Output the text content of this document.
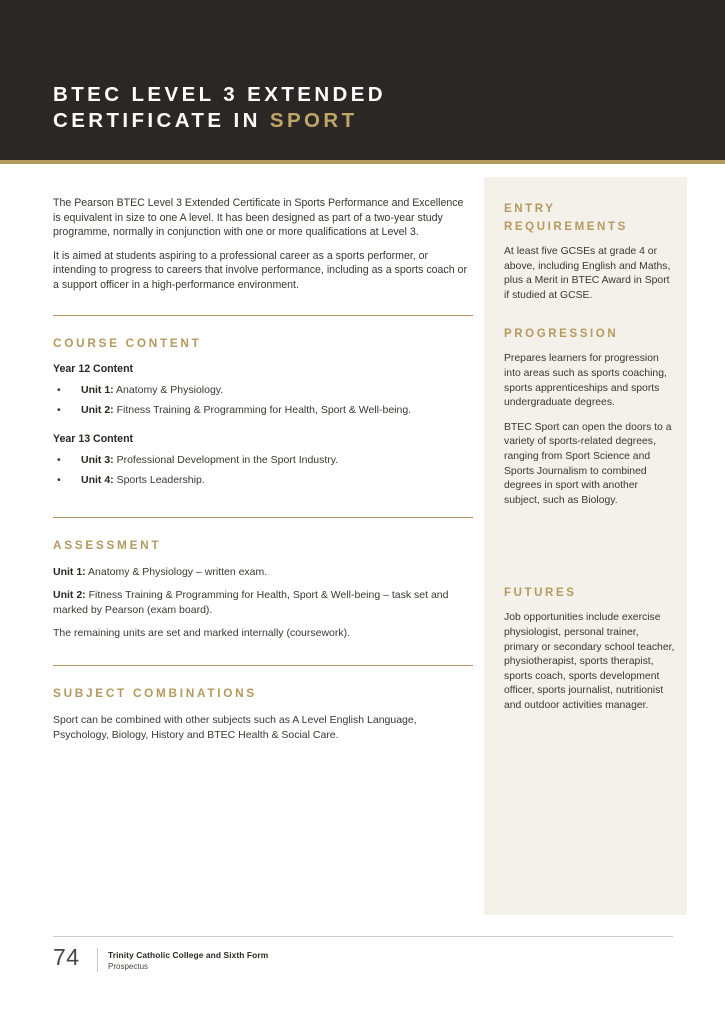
BTEC LEVEL 3 EXTENDED
CERTIFICATE IN SPORT
ENTRY
REQUIREMENTS

At least five GCSEs at grade 4 or above, including English and Maths, plus a Merit in BTEC Award in Sport if studied at GCSE.

PROGRESSION

Prepares learners for progression into areas such as sports coaching, sports apprenticeships and sports undergraduate degrees.

BTEC Sport can open the doors to a variety of sports-related degrees, ranging from Sport Science and Sports Journalism to combined degrees in sport with another subject, such as Biology.

FUTURES

Job opportunities include exercise physiologist, personal trainer, primary or secondary school teacher, physiotherapist, sports therapist, sports coach, sports development officer, sports journalist, nutritionist and outdoor activities manager.

The Pearson BTEC Level 3 Extended Certificate in Sports Performance and Excellence is equivalent in size to one A level. It has been designed as part of a two-year study programme, normally in conjunction with one or more qualifications at Level 3.

It is aimed at students aspiring to a professional career as a sports performer, or intending to progress to careers that involve performance, including as a sports coach or a support officer in a high-performance environment.

COURSE CONTENT
Year 12 Content
• Unit 1: Anatomy & Physiology.
• Unit 2: Fitness Training & Programming for Health, Sport & Well-being.
Year 13 Content
• Unit 3: Professional Development in the Sport Industry.
• Unit 4: Sports Leadership.
ASSESSMENT

Unit 1: Anatomy & Physiology – written exam.

Unit 2: Fitness Training & Programming for Health, Sport & Well-being – task set and marked by Pearson (exam board).

The remaining units are set and marked internally (coursework).

SUBJECT COMBINATIONS

Sport can be combined with other subjects such as A Level English Language, Psychology, Biology, History and BTEC Health & Social Care.

74	Trinity Catholic College and Sixth Form
Prospectus
